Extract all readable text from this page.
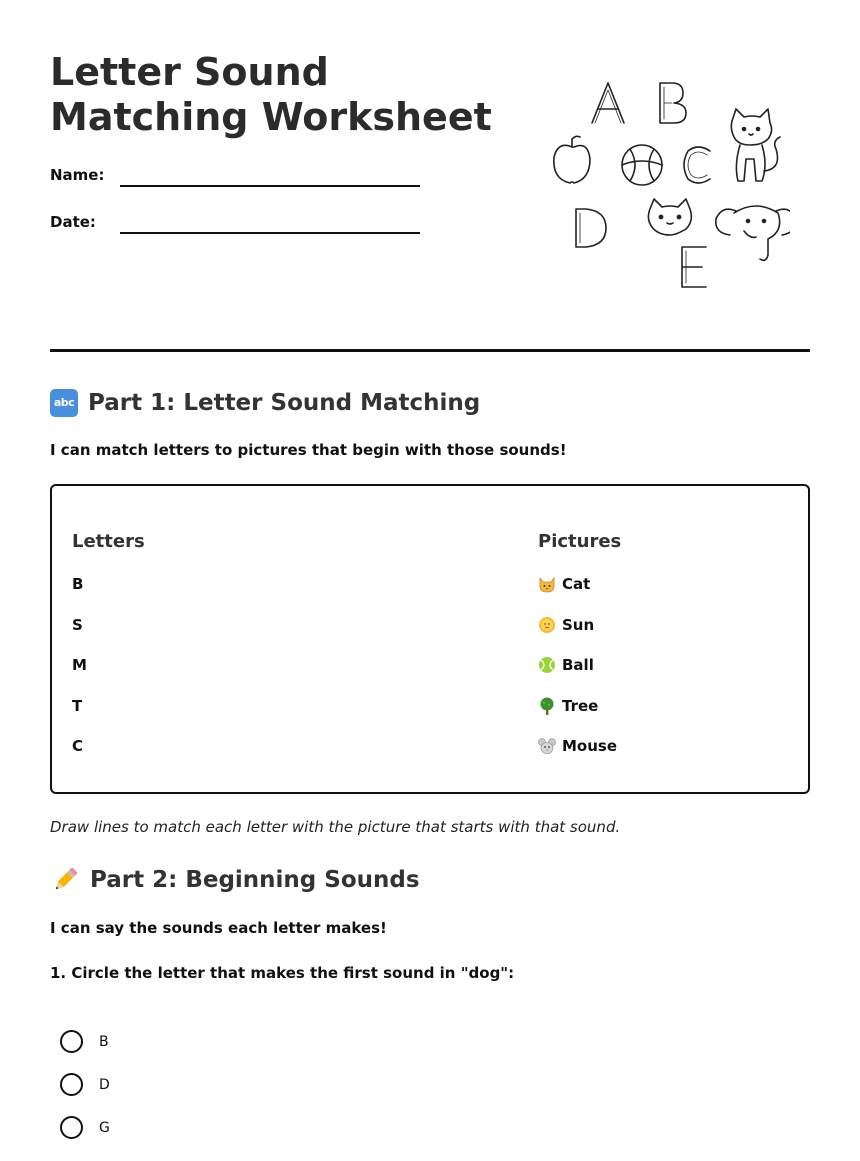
Letter Sound Matching Worksheet
Name:
Date:
abc Part 1: Letter Sound Matching
I can match letters to pictures that begin with those sounds!
Letters	Pictures
B
S
M
T
C
Cat
Sun
Ball
Tree
Mouse
Draw lines to match each letter with the picture that starts with that sound.
Part 2: Beginning Sounds
I can say the sounds each letter makes!
1. Circle the letter that makes the first sound in "dog":
B
D
G
